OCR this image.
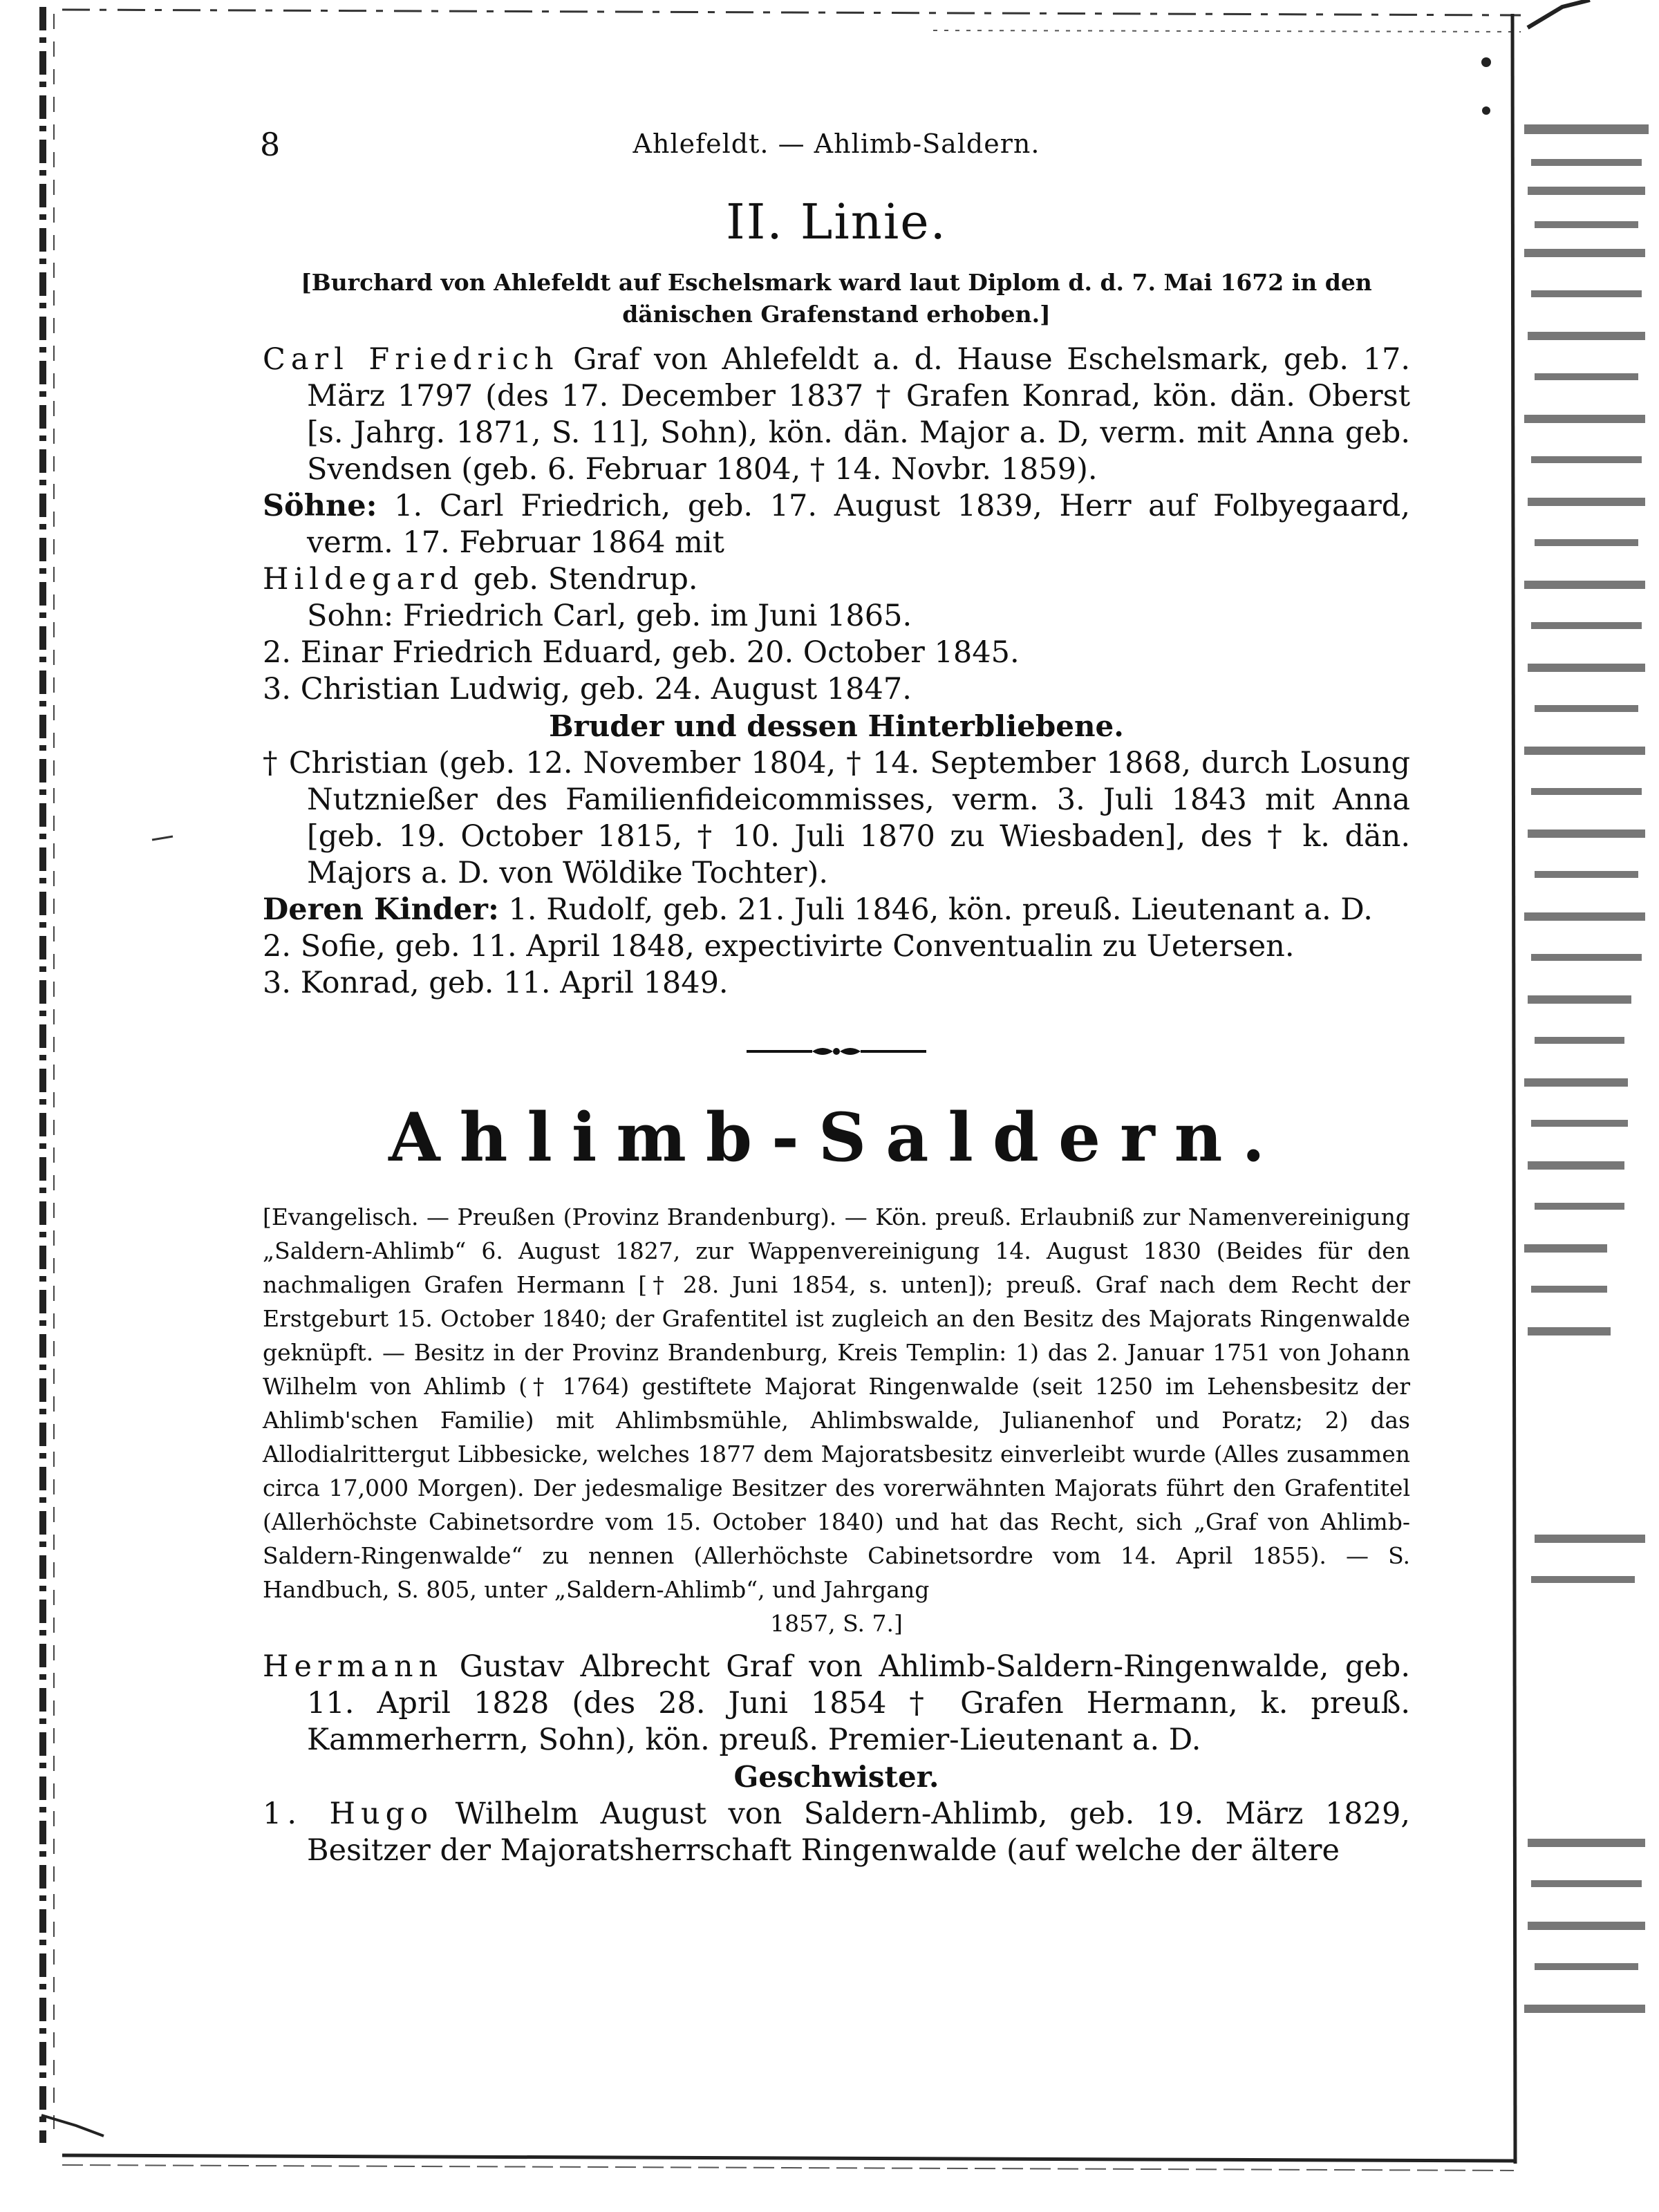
8	Ahlefeldt. — Ahlimb-Saldern.
II. Linie.

[Burchard von Ahlefeldt auf Eschelsmark ward laut Diplom d. d. 7. Mai 1672 in den dänischen Grafenstand erhoben.]

Carl Friedrich Graf von Ahlefeldt a. d. Hause Eschelsmark, geb. 17. März 1797 (des 17. December 1837 † Grafen Konrad, kön. dän. Oberst [s. Jahrg. 1871, S. 11], Sohn), kön. dän. Major a. D, verm. mit Anna geb. Svendsen (geb. 6. Februar 1804, † 14. Novbr. 1859).

Söhne: 1. Carl Friedrich, geb. 17. August 1839, Herr auf Folbyegaard, verm. 17. Februar 1864 mit

Hildegard geb. Stendrup.

Sohn: Friedrich Carl, geb. im Juni 1865.

2. Einar Friedrich Eduard, geb. 20. October 1845.

3. Christian Ludwig, geb. 24. August 1847.

Bruder und dessen Hinterbliebene.

† Christian (geb. 12. November 1804, † 14. September 1868, durch Losung Nutznießer des Familienfideicommisses, verm. 3. Juli 1843 mit Anna [geb. 19. October 1815, † 10. Juli 1870 zu Wiesbaden], des † k. dän. Majors a. D. von Wöldike Tochter).

Deren Kinder: 1. Rudolf, geb. 21. Juli 1846, kön. preuß. Lieutenant a. D.

2. Sofie, geb. 11. April 1848, expectivirte Conventualin zu Uetersen.

3. Konrad, geb. 11. April 1849.

Ahlimb-Saldern.

[Evangelisch. — Preußen (Provinz Brandenburg). — Kön. preuß. Erlaubniß zur Namenvereinigung „Saldern-Ahlimb“ 6. August 1827, zur Wappenvereinigung 14. August 1830 (Beides für den nachmaligen Grafen Hermann [† 28. Juni 1854, s. unten]); preuß. Graf nach dem Recht der Erstgeburt 15. October 1840; der Grafentitel ist zugleich an den Besitz des Majorats Ringenwalde geknüpft. — Besitz in der Provinz Brandenburg, Kreis Templin: 1) das 2. Januar 1751 von Johann Wilhelm von Ahlimb († 1764) gestiftete Majorat Ringenwalde (seit 1250 im Lehensbesitz der Ahlimb'schen Familie) mit Ahlimbsmühle, Ahlimbswalde, Julianenhof und Poratz; 2) das Allodialrittergut Libbesicke, welches 1877 dem Majoratsbesitz einverleibt wurde (Alles zusammen circa 17,000 Morgen). Der jedesmalige Besitzer des vorerwähnten Majorats führt den Grafentitel (Allerhöchste Cabinetsordre vom 15. October 1840) und hat das Recht, sich „Graf von Ahlimb-Saldern-Ringenwalde“ zu nennen (Allerhöchste Cabinetsordre vom 14. April 1855). — S. Handbuch, S. 805, unter „Saldern-Ahlimb“, und Jahrgang
1857, S. 7.]

Hermann Gustav Albrecht Graf von Ahlimb-Saldern-Ringenwalde, geb. 11. April 1828 (des 28. Juni 1854 † Grafen Hermann, k. preuß. Kammerherrn, Sohn), kön. preuß. Premier-Lieutenant a. D.

Geschwister.

1. Hugo Wilhelm August von Saldern-Ahlimb, geb. 19. März 1829, Besitzer der Majoratsherrschaft Ringenwalde (auf welche der ältere
